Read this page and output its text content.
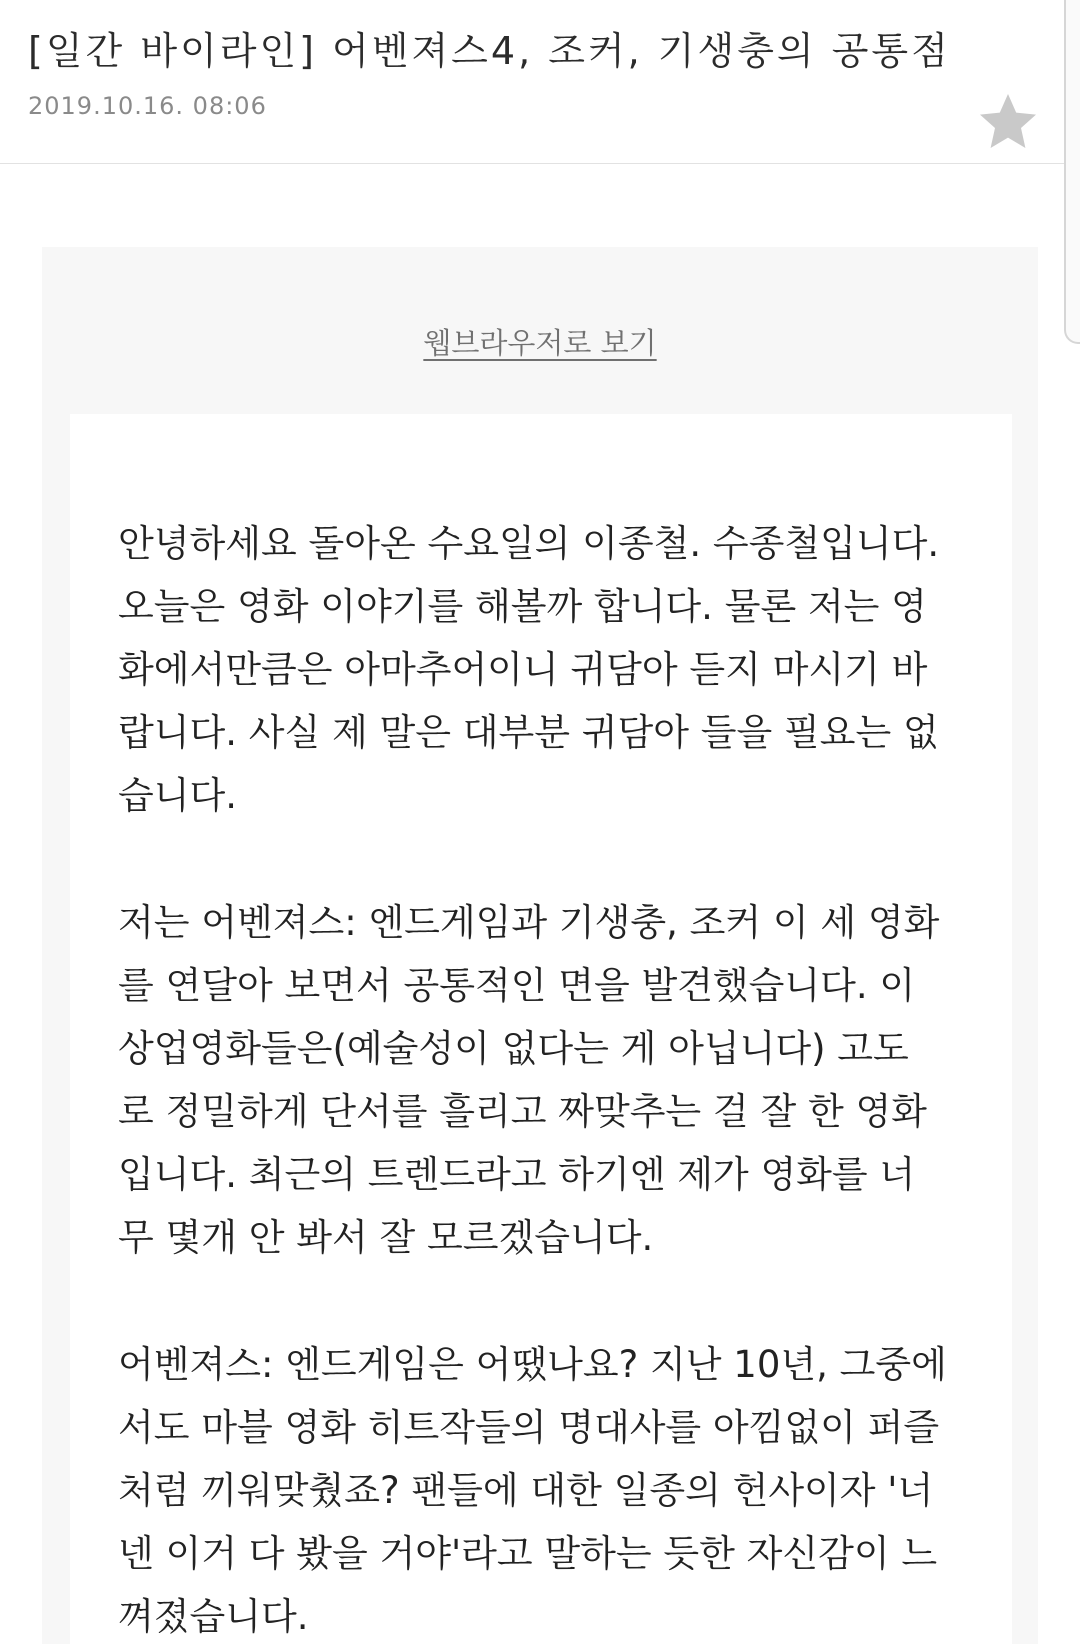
[일간 바이라인] 어벤져스4, 조커, 기생충의 공통점
2019.10.16. 08:06
웹브라우저로 보기
안녕하세요 돌아온 수요일의 이종철. 수종철입니다.
오늘은 영화 이야기를 해볼까 합니다. 물론 저는 영
화에서만큼은 아마추어이니 귀담아 듣지 마시기 바
랍니다. 사실 제 말은 대부분 귀담아 들을 필요는 없
습니다.
저는 어벤져스: 엔드게임과 기생충, 조커 이 세 영화
를 연달아 보면서 공통적인 면을 발견했습니다. 이
상업영화들은(예술성이 없다는 게 아닙니다) 고도
로 정밀하게 단서를 흘리고 짜맞추는 걸 잘 한 영화
입니다. 최근의 트렌드라고 하기엔 제가 영화를 너
무 몇개 안 봐서 잘 모르겠습니다.
어벤져스: 엔드게임은 어땠나요? 지난 10년, 그중에
서도 마블 영화 히트작들의 명대사를 아낌없이 퍼즐
처럼 끼워맞췄죠? 팬들에 대한 일종의 헌사이자 '너
넨 이거 다 봤을 거야'라고 말하는 듯한 자신감이 느
껴졌습니다.
